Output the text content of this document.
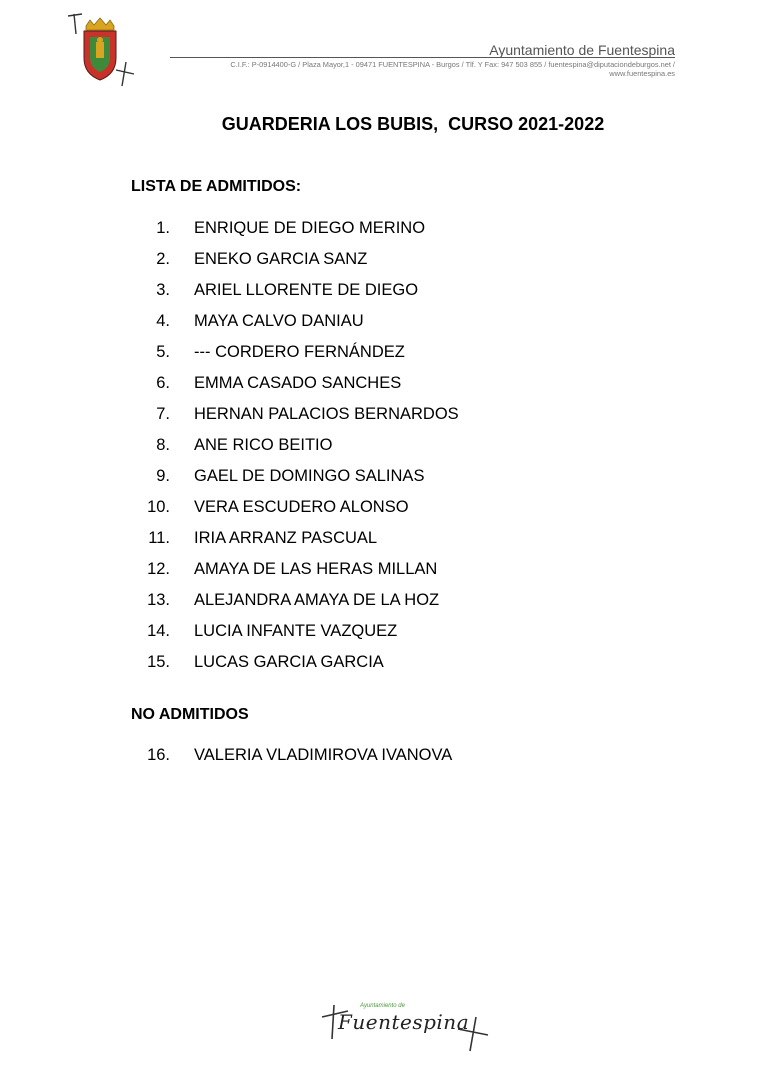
Ayuntamiento de Fuentespina
C.I.F.: P-0914400-G / Plaza Mayor,1 - 09471 FUENTESPINA - Burgos / Tlf. Y Fax: 947 503 855 / fuentespina@diputaciondeburgos.net /
www.fuentespina.es
GUARDERIA LOS BUBIS,  CURSO 2021-2022
LISTA DE ADMITIDOS:
1. ENRIQUE DE DIEGO MERINO
2. ENEKO GARCIA SANZ
3. ARIEL LLORENTE DE DIEGO
4. MAYA CALVO DANIAU
5. --- CORDERO FERNÁNDEZ
6. EMMA CASADO SANCHES
7. HERNAN PALACIOS BERNARDOS
8. ANE RICO BEITIO
9. GAEL DE DOMINGO SALINAS
10. VERA ESCUDERO ALONSO
11. IRIA ARRANZ PASCUAL
12. AMAYA DE LAS HERAS MILLAN
13. ALEJANDRA AMAYA DE LA HOZ
14. LUCIA INFANTE VAZQUEZ
15. LUCAS GARCIA GARCIA
NO ADMITIDOS
16. VALERIA VLADIMIROVA IVANOVA
Ayuntamiento de
Fuentespina
